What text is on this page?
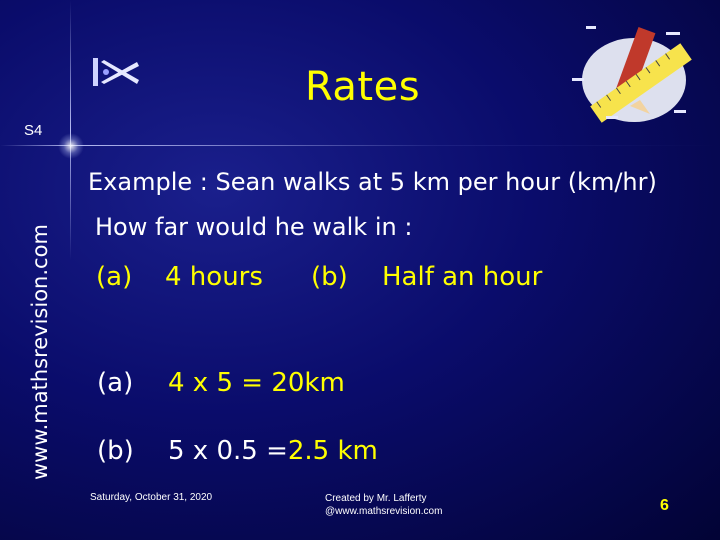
Rates
S4
www.mathsrevision.com
Example : Sean walks at 5 km per hour (km/hr)
How far would he walk in :
(a) 4 hours (b) Half an hour
(a) 4 x 5 = 20km
(b) 5 x 0.5 =2.5 km
Saturday, October 31, 2020	Created by Mr. Lafferty
@www.mathsrevision.com	6
